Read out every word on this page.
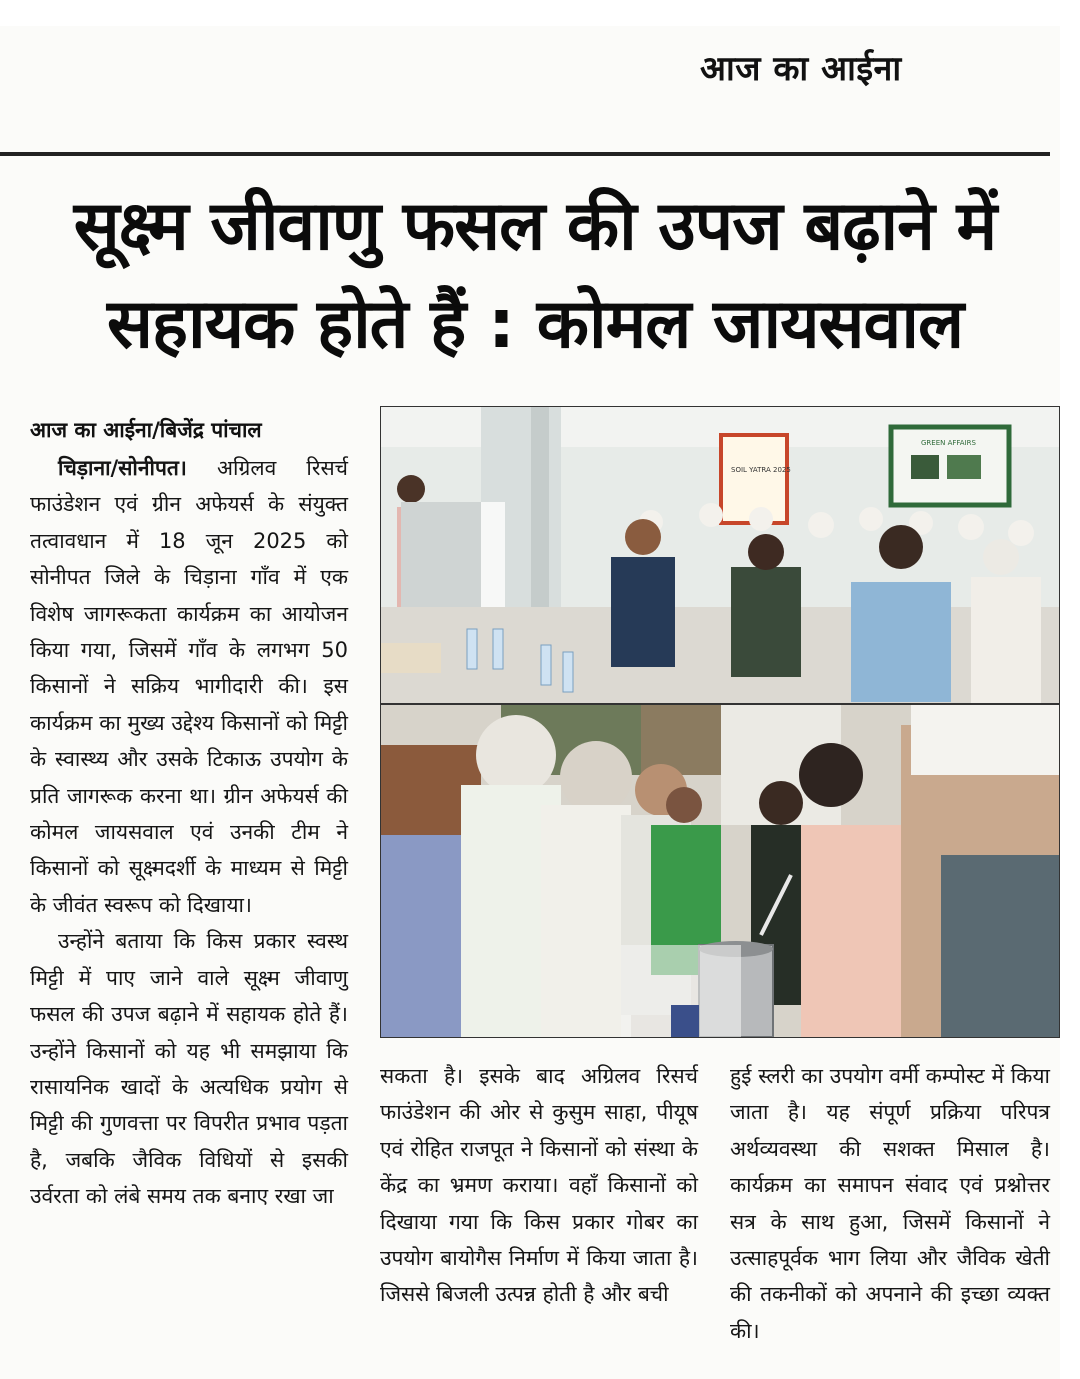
आज का आईना
सूक्ष्म जीवाणु फसल की उपज बढ़ाने में
सहायक होते हैं : कोमल जायसवाल
आज का आईना/बिजेंद्र पांचाल

चिड़ाना/सोनीपत। अग्रिलव रिसर्च फाउंडेशन एवं ग्रीन अफेयर्स के संयुक्त तत्वावधान में 18 जून 2025 को सोनीपत जिले के चिड़ाना गाँव में एक विशेष जागरूकता कार्यक्रम का आयोजन किया गया, जिसमें गाँव के लगभग 50 किसानों ने सक्रिय भागीदारी की। इस कार्यक्रम का मुख्य उद्देश्य किसानों को मिट्टी के स्वास्थ्य और उसके टिकाऊ उपयोग के प्रति जागरूक करना था। ग्रीन अफेयर्स की कोमल जायसवाल एवं उनकी टीम ने किसानों को सूक्ष्मदर्शी के माध्यम से मिट्टी के जीवंत स्वरूप को दिखाया।

उन्होंने बताया कि किस प्रकार स्वस्थ मिट्टी में पाए जाने वाले सूक्ष्म जीवाणु फसल की उपज बढ़ाने में सहायक होते हैं। उन्होंने किसानों को यह भी समझाया कि रासायनिक खादों के अत्यधिक प्रयोग से मिट्टी की गुणवत्ता पर विपरीत प्रभाव पड़ता है, जबकि जैविक विधियों से इसकी उर्वरता को लंबे समय तक बनाए रखा जा

SOIL YATRA 2025
GREEN AFFAIRS
सकता है। इसके बाद अग्रिलव रिसर्च फाउंडेशन की ओर से कुसुम साहा, पीयूष एवं रोहित राजपूत ने किसानों को संस्था के केंद्र का भ्रमण कराया। वहाँ किसानों को दिखाया गया कि किस प्रकार गोबर का उपयोग बायोगैस निर्माण में किया जाता है। जिससे बिजली उत्पन्न होती है और बची
हुई स्लरी का उपयोग वर्मी कम्पोस्ट में किया जाता है। यह संपूर्ण प्रक्रिया परिपत्र अर्थव्यवस्था की सशक्त मिसाल है। कार्यक्रम का समापन संवाद एवं प्रश्नोत्तर सत्र के साथ हुआ, जिसमें किसानों ने उत्साहपूर्वक भाग लिया और जैविक खेती की तकनीकों को अपनाने की इच्छा व्यक्त की।
